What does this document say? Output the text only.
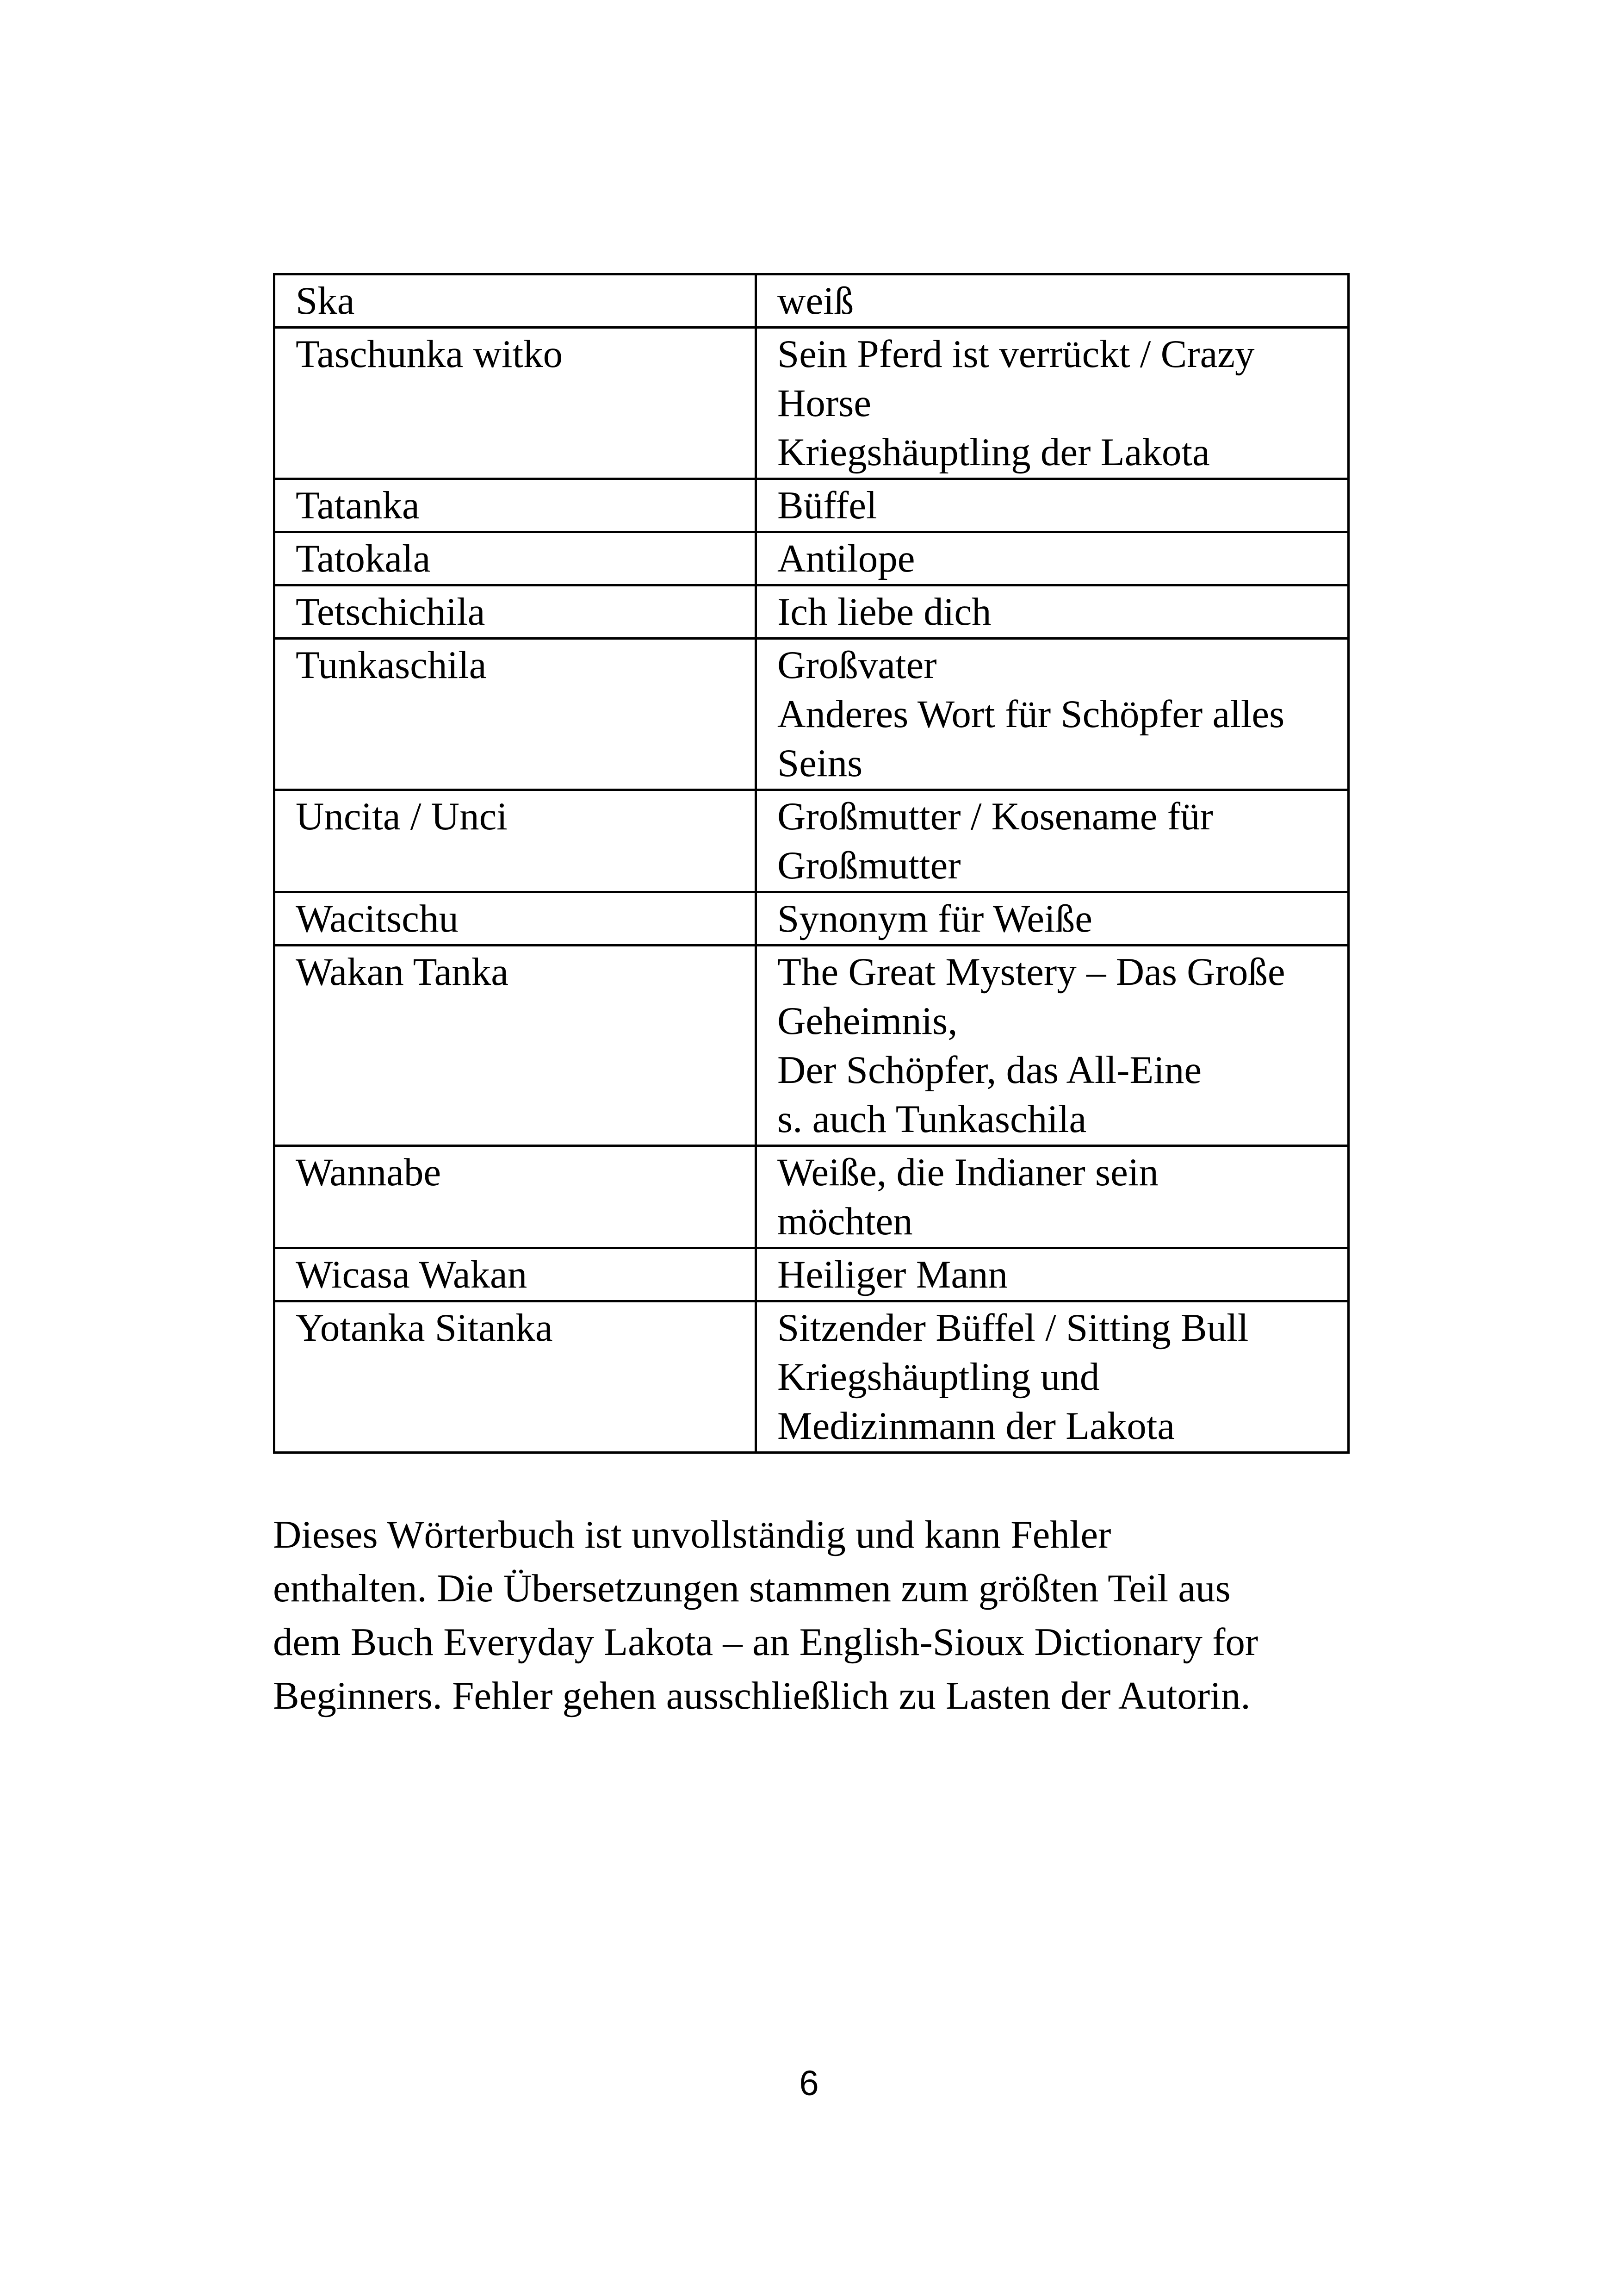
Ska	weiß

Taschunka witko	Sein Pferd ist verrückt / Crazy
Horse
Kriegshäuptling der Lakota

Tatanka	Büffel

Tatokala	Antilope

Tetschichila	Ich liebe dich

Tunkaschila	Großvater
Anderes Wort für Schöpfer alles
Seins

Uncita / Unci	Großmutter / Kosename für
Großmutter

Wacitschu	Synonym für Weiße

Wakan Tanka	The Great Mystery – Das Große
Geheimnis,
Der Schöpfer, das All-Eine
s. auch Tunkaschila

Wannabe	Weiße, die Indianer sein
möchten

Wicasa Wakan	Heiliger Mann

Yotanka Sitanka	Sitzender Büffel / Sitting Bull
Kriegshäuptling und
Medizinmann der Lakota

Dieses Wörterbuch ist unvollständig und kann Fehler
enthalten. Die Übersetzungen stammen zum größten Teil aus
dem Buch Everyday Lakota – an English-Sioux Dictionary for
Beginners. Fehler gehen ausschließlich zu Lasten der Autorin.

6
